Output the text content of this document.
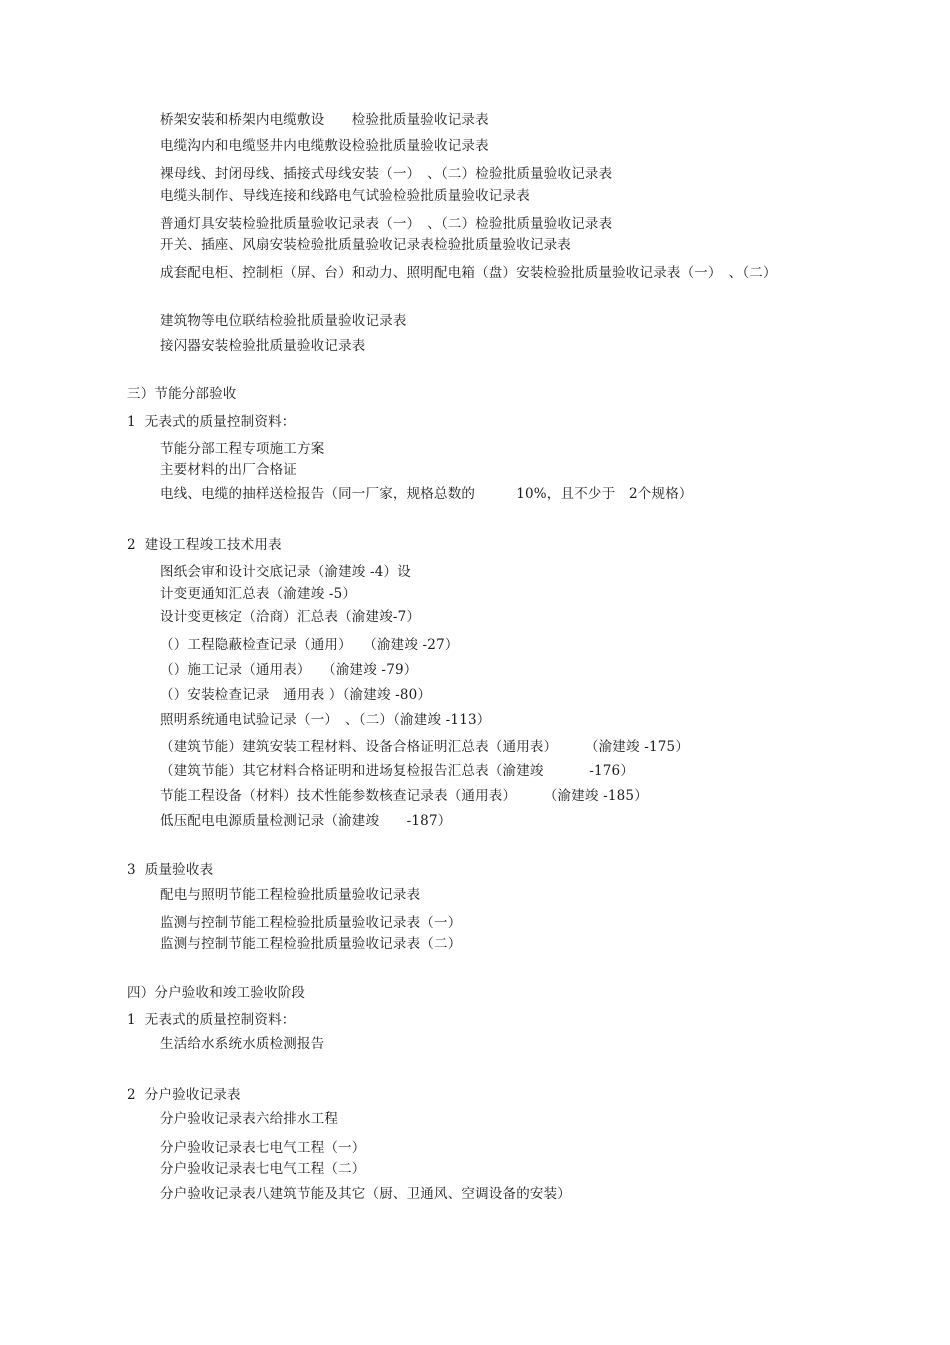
桥架安装和桥架内电缆敷设　　检验批质量验收记录表
电缆沟内和电缆竖井内电缆敷设检验批质量验收记录表
裸母线、封闭母线、插接式母线安装（一）　、（二）检验批质量验收记录表
电缆头制作、导线连接和线路电气试验检验批质量验收记录表
普通灯具安装检验批质量验收记录表（一）　、（二）检验批质量验收记录表
开关、插座、风扇安装检验批质量验收记录表检验批质量验收记录表
成套配电柜、控制柜（屏、台）和动力、照明配电箱（盘）安装检验批质量验收记录表（一）　、（二）
建筑物等电位联结检验批质量验收记录表
接闪器安装检验批质量验收记录表
三）节能分部验收
1  无表式的质量控制资料：
节能分部工程专项施工方案
主要材料的出厂合格证
电线、电缆的抽样送检报告（同一厂家，规格总数的　　　10%，且不少于　2个规格）
2  建设工程竣工技术用表
图纸会审和设计交底记录（渝建竣 -4）设
计变更通知汇总表（渝建竣 -5）
设计变更核定（洽商）汇总表（渝建竣-7）
（）工程隐蔽检查记录（通用）　 （渝建竣 -27）
（）施工记录（通用表）　 （渝建竣 -79）
（）安装检查记录　通用表 ）（渝建竣 -80）
照明系统通电试验记录（一）　、（二）（渝建竣 -113）
（建筑节能）建筑安装工程材料、设备合格证明汇总表（通用表）　　　（渝建竣 -175）
（建筑节能）其它材料合格证明和进场复检报告汇总表（渝建竣　　　 -176）
节能工程设备（材料）技术性能参数核查记录表（通用表）　　　（渝建竣 -185）
低压配电电源质量检测记录（渝建竣　　-187）
3  质量验收表
配电与照明节能工程检验批质量验收记录表
监测与控制节能工程检验批质量验收记录表（一）
监测与控制节能工程检验批质量验收记录表（二）
四）分户验收和竣工验收阶段
1  无表式的质量控制资料：
生活给水系统水质检测报告
2  分户验收记录表
分户验收记录表六给排水工程
分户验收记录表七电气工程（一）
分户验收记录表七电气工程（二）
分户验收记录表八建筑节能及其它（厨、卫通风、空调设备的安装）
